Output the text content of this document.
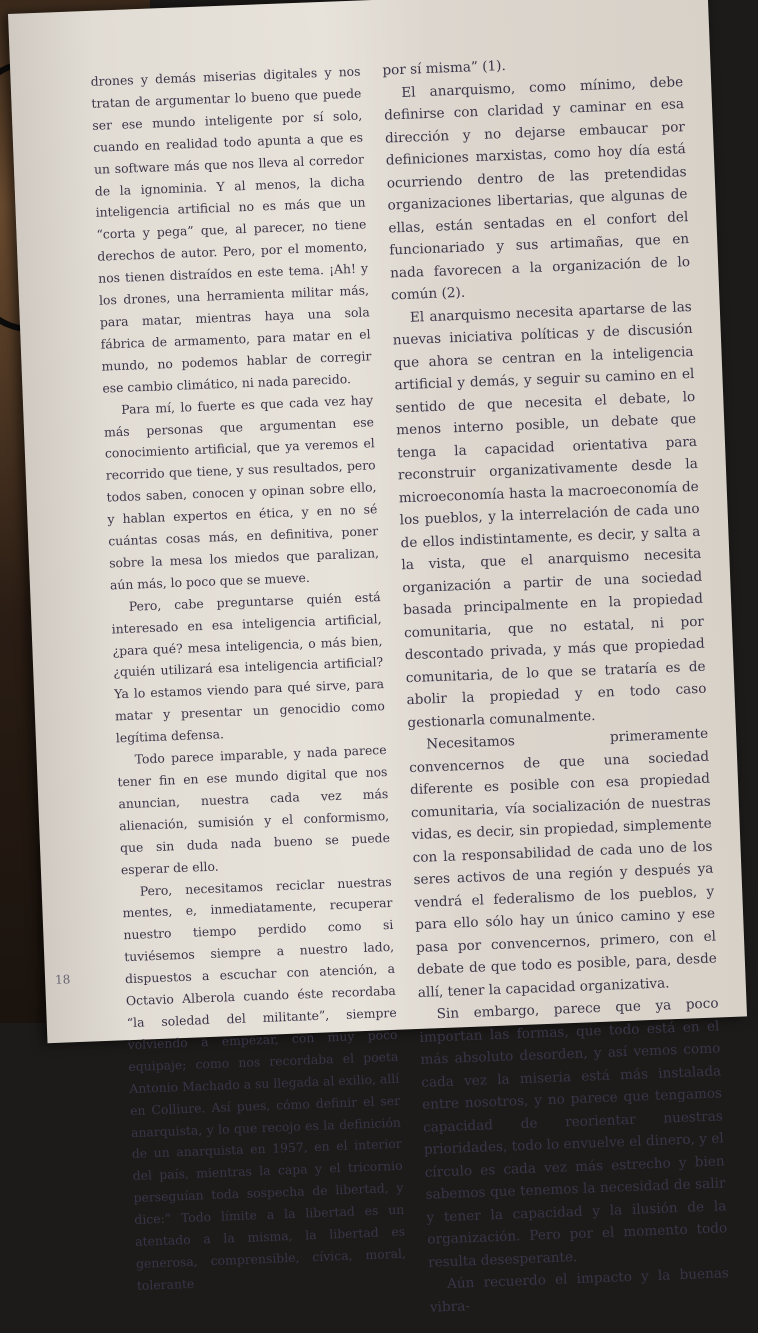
drones y demás miserias digitales y nos tratan de argumentar lo bueno que puede ser ese mundo inteligente por sí solo, cuando en realidad todo apunta a que es un software más que nos lleva al corredor de la ignominia. Y al menos, la dicha inteligencia artificial no es más que un “corta y pega” que, al parecer, no tiene derechos de autor. Pero, por el momento, nos tienen distraídos en este tema. ¡Ah! y los drones, una herramienta militar más, para matar, mientras haya una sola fábrica de armamento, para matar en el mundo, no podemos hablar de corregir ese cambio climático, ni nada parecido.

Para mí, lo fuerte es que cada vez hay más personas que argumentan ese conocimiento artificial, que ya veremos el recorrido que tiene, y sus resultados, pero todos saben, conocen y opinan sobre ello, y hablan expertos en ética, y en no sé cuántas cosas más, en definitiva, poner sobre la mesa los miedos que paralizan, aún más, lo poco que se mueve.

Pero, cabe preguntarse quién está interesado en esa inteligencia artificial, ¿para qué? mesa inteligencia, o más bien, ¿quién utilizará esa inteligencia artificial? Ya lo estamos viendo para qué sirve, para matar y presentar un genocidio como legítima defensa.

Todo parece imparable, y nada parece tener fin en ese mundo digital que nos anuncian, nuestra cada vez más alienación, sumisión y el conformismo, que sin duda nada bueno se puede esperar de ello.

Pero, necesitamos reciclar nuestras mentes, e, inmediatamente, recuperar nuestro tiempo perdido como si tuviésemos siempre a nuestro lado, dispuestos a escuchar con atención, a Octavio Alberola cuando éste recordaba “la soledad del militante”, siempre volviendo a empezar, con muy poco equipaje; como nos recordaba el poeta Antonio Machado a su llegada al exilio, allí en Colliure. Así pues, cómo definir el ser anarquista, y lo que recojo es la definición de un anarquista en 1957, en el interior del país, mientras la capa y el tricornio perseguían toda sospecha de libertad, y dice:” Todo límite a la libertad es un atentado a la misma, la libertad es generosa, comprensible, cívica, moral, tolerante

por sí misma” (1).

El anarquismo, como mínimo, debe definirse con claridad y caminar en esa dirección y no dejarse embaucar por definiciones marxistas, como hoy día está ocurriendo dentro de las pretendidas organizaciones libertarias, que algunas de ellas, están sentadas en el confort del funcionariado y sus artimañas, que en nada favorecen a la organización de lo común (2).

El anarquismo necesita apartarse de las nuevas iniciativa políticas y de discusión que ahora se centran en la inteligencia artificial y demás, y seguir su camino en el sentido de que necesita el debate, lo menos interno posible, un debate que tenga la capacidad orientativa para reconstruir organizativamente desde la microeconomía hasta la macroeconomía de los pueblos, y la interrelación de cada uno de ellos indistintamente, es decir, y salta a la vista, que el anarquismo necesita organización a partir de una sociedad basada principalmente en la propiedad comunitaria, que no estatal, ni por descontado privada, y más que propiedad comunitaria, de lo que se trataría es de abolir la propiedad y en todo caso gestionarla comunalmente.

Necesitamos primeramente convencernos de que una sociedad diferente es posible con esa propiedad comunitaria, vía socialización de nuestras vidas, es decir, sin propiedad, simplemente con la responsabilidad de cada uno de los seres activos de una región y después ya vendrá el federalismo de los pueblos, y para ello sólo hay un único camino y ese pasa por convencernos, primero, con el debate de que todo es posible, para, desde allí, tener la capacidad organizativa.

Sin embargo, parece que ya poco importan las formas, que todo está en el más absoluto desorden, y así vemos como cada vez la miseria está más instalada entre nosotros, y no parece que tengamos capacidad de reorientar nuestras prioridades, todo lo envuelve el dinero, y el círculo es cada vez más estrecho y bien sabemos que tenemos la necesidad de salir y tener la capacidad y la ilusión de la organización. Pero por el momento todo resulta desesperante.

Aún recuerdo el impacto y la buenas vibra-

18
